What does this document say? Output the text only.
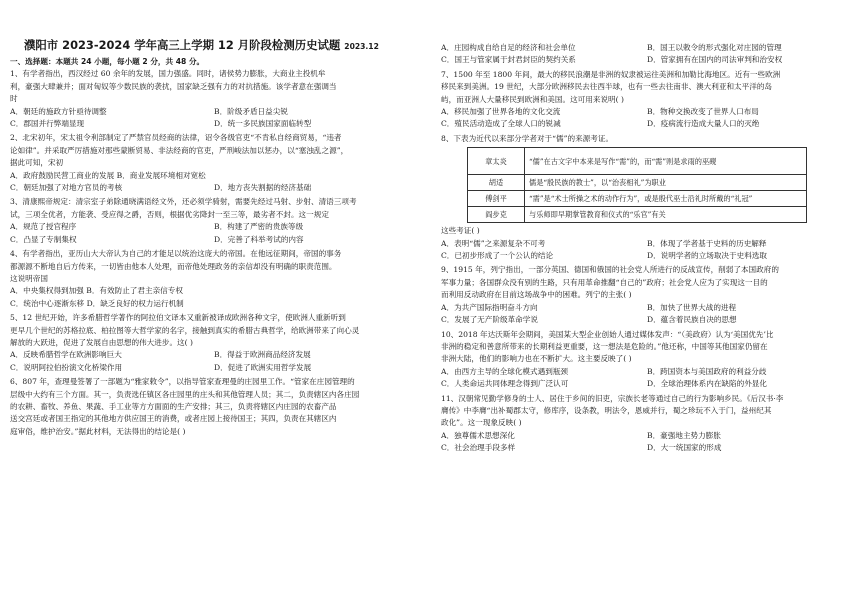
濮阳市 2023-2024 学年高三上学期 12 月阶段检测历史试题 2023.12

一、选择题：本题共 24 小题，每小题 2 分，共 48 分。

1、有学者指出，西汉经过 60 余年的发展，国力强盛。同时，诸侯势力膨胀，大商业主投机牟

利，豪强大肆兼并；面对匈奴等少数民族的袭扰，国家缺乏强有力的对抗措施。该学者意在强调当

时

A．朝廷的施政方针亟待调整	B．阶级矛盾日益尖锐
C．郡国并行弊端显现	D．统一多民族国家面临转型

2、北宋初年，宋太祖令利部制定了严禁官员经商的法律，诏令各级官吏“不肯私自经商贸易，“违者

论如律”。并采取严厉措施对那些蒙断贸易、非法经商的官吏，严刑峻法加以惩办，以“塞浊乱之源”，

据此可知，宋初

A．政府鼓励民营工商业的发展 B．商业发展环境相对宽松
C．朝廷加强了对地方官员的考核	D．地方丧失割据的经济基础

3、清康熙帝规定：清宗室子弟除通晓满语经文外，还必须学骑射，需要先经过马射、步射、清语三项考

试，三项全优者，方能袭、受应得之爵，否则，根据优劣降封一至三等，最劣者不封。这一规定

A．规范了授官程序	B．构建了严密的贵族等级
C．凸显了专制集权	D．完善了科举考试的内容

4、有学者指出，亚历山大大帝认为自己的才能足以统治这庞大的帝国。在他远征期间，帝国的事务

都源源不断地自后方传来，一切皆由他本人处理，而帝他处理政务的亲信却没有明确的职责范围。

这说明帝国

A．中央集权得到加强 B．有效防止了君主亲信专权
C．统治中心逐渐东移 D．缺乏良好的权力运行机制

5、12 世纪开始，许多希腊哲学著作的阿拉伯文译本又重新被译成欧洲各种文字，使欧洲人重新听到

更早几个世纪的苏格拉底、柏拉图等大哲学家的名字，接触到真实的希腊古典哲学，给欧洲带来了向心灵

解放的大跃进，促进了发展自由思想的伟大进步。这( )

A．反映希腊哲学在欧洲影响巨大	B．得益于欧洲商品经济发展
C．说明阿拉伯扮演文化桥梁作用	D．促进了欧洲实用哲学发展

6、807 年，查理曼签署了一部题为“雅家敕令”，以指导管家查理曼的庄园里工作。“管家在庄园管理的

层级中大约有三个方面。其一，负责选任镇区各庄园里的庄头和其他管理人员；其二，负责辖区内各庄园

的农耕、畜牧、养鱼、果蔬、手工业等方方面面的生产安排；其三，负责将辖区内庄园的农畜产品

送交宫廷或者国王指定的其他地方供应国王的消费，或者庄园上接待国王；其四，负责在其辖区内

庭审俗，维护治安。”据此材料，无法得出的结论是( )

A．庄园构成自给自足的经济和社会单位	B．国王以敕令的形式强化对庄园的管理
C．国王与管家属于封君封臣的契约关系	D．管家拥有在国内的司法审判和治安权

7、1500 年至 1800 年间，最大的移民浪潮是非洲的奴隶被运往美洲和加勒比海地区。近有一些欧洲

移民来到美洲。19 世纪，大部分欧洲移民去往西半球，也有一些去往南非、澳大利亚和太平洋的岛

屿，而亚洲人大量移民到欧洲和美国。这可用来说明( )

A．移民加强了世界各地的文化交流	B．物种交换改变了世界人口布局
C．殖民活动造成了全球人口的锐减	D．疫病流行造成大量人口的灭绝

8、下表为近代以来部分学者对于“儒”的来源考证。

章太炎	“儒”在古文字中本来是写作“需”的，而“需”则是求雨的巫觋
胡适	儒是“殷民族的教士”，以“治丧相礼”为职业
傅剑平	“需”是“术士所操之术的动作行为”，或是殷代巫士沿礼时所戴的“礼冠”
阎步克	与乐师即早期掌管教育和仪式的“乐官”有关

这些考证( )

A．表明“儒”之来源复杂不可考	B．体现了学者基于史料的历史解释
C．已初步形成了一个公认的结论	D．说明学者的立场取决于史料选取

9、1915 年，列宁指出，一部分英国、德国和俄国的社会党人所进行的反战宣传，削弱了本国政府的

军事力量；各国群众没有别的生路，只有用革命推翻“自己的”政府；社会党人应为了实现这一目的

而利用反动政府在目前这场战争中的困难。列宁的主张( )

A．为共产国际指明奋斗方向	B．加快了世界大战的进程
C．发展了无产阶级革命学说	D．蕴含着民族自决的思想

10、2018 年达沃斯年会期间，美国某大型企业创始人通过媒体发声：“（美政府）认为‘美国优先’比

非洲的稳定和善意所带来的长期利益更重要，这一想法是危险的。”他还称，中国等其他国家仍留在

非洲大陆，他们的影响力也在不断扩大。这主要反映了( )

A．由西方主导的全球化模式遇到瓶颈	B．跨国资本与美国政府的利益分歧
C．人类命运共同体理念得到广泛认可	D．全球治理体系内在缺陷的外显化

11、汉朝常见勤学修身的士人、居住于乡间的旧吏，宗族长老等通过自己的行为影响乡民。《后汉书·李

膺传》中李膺“出补蜀郡太守，修库序，设条教，明法令，恩威并行，蜀之珍玩不入于门，益州纪其

政化”。这一现象反映( )

A．独尊儒术思想深化	B．豪强地主势力膨胀
C．社会治理手段多样	D．大一统国家的形成
